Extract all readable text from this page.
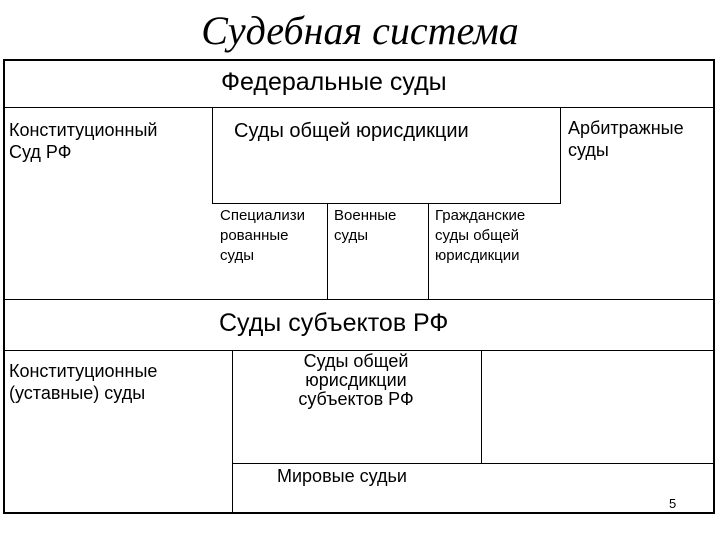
Судебная система
Федеральные суды
Конституционный
Суд РФ
Суды общей юрисдикции	Арбитражные
суды
Специализи
рованные
суды
Военные
суды
Гражданские
суды общей
юрисдикции
Суды субъектов РФ
Конституционные
(уставные) суды
Суды общей
юрисдикции
субъектов РФ
Мировые судьи
5
